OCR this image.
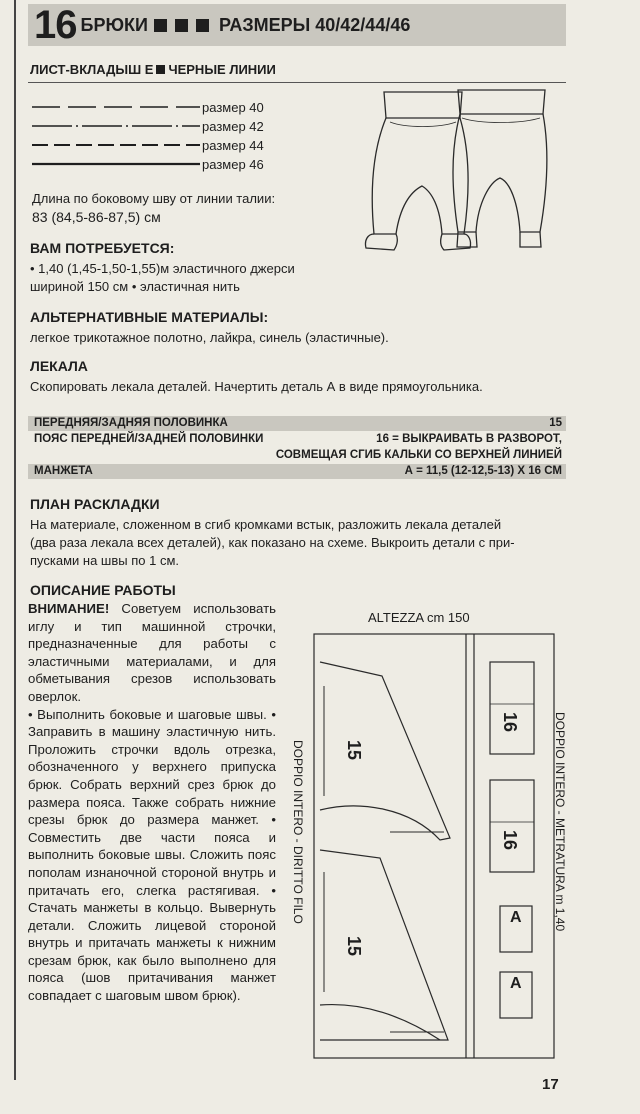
16 БРЮКИ	РАЗМЕРЫ 40/42/44/46
ЛИСТ-ВКЛАДЫШ Е ЧЕРНЫЕ ЛИНИИ
размер 40
размер 42
размер 44
размер 46
Длина по боковому шву от линии талии:
83 (84,5-86-87,5) см
ВАМ ПОТРЕБУЕТСЯ:
• 1,40 (1,45-1,50-1,55)м эластичного джерси
шириной 150 см • эластичная нить
АЛЬТЕРНАТИВНЫЕ МАТЕРИАЛЫ:
легкое трикотажное полотно, лайкра, синель (эластичные).
ЛЕКАЛА
Скопировать лекала деталей. Начертить деталь А в виде прямоугольника.
ПЕРЕДНЯЯ/ЗАДНЯЯ ПОЛОВИНКА	15
ПОЯС ПЕРЕДНЕЙ/ЗАДНЕЙ ПОЛОВИНКИ	16 = ВЫКРАИВАТЬ В РАЗВОРОТ,
СОВМЕЩАЯ СГИБ КАЛЬКИ СО ВЕРХНЕЙ ЛИНИЕЙ
МАНЖЕТА	А = 11,5 (12-12,5-13) Х 16 СМ
ПЛАН РАСКЛАДКИ
На материале, сложенном в сгиб кромками встык, разложить лекала деталей
(два раза лекала всех деталей), как показано на схеме. Выкроить детали с при-
пусками на швы по 1 см.
ОПИСАНИЕ РАБОТЫ

ВНИМАНИЕ! Советуем использовать иглу и тип машинной строчки, предназначенные для работы с эластичными материалами, и для обметывания срезов использовать оверлок.

• Выполнить боковые и шаговые швы. • Заправить в машину эластичную нить. Проложить строчки вдоль отрезка, обозначенного у верхнего припуска брюк. Собрать верхний срез брюк до размера пояса. Также собрать нижние срезы брюк до размера манжет. • Совместить две части пояса и выполнить боковые швы. Сложить пояс пополам изнаночной стороной внутрь и притачать его, слегка растягивая. • Стачать манжеты в кольцо. Вывернуть детали. Сложить лицевой стороной внутрь и притачать манжеты к нижним срезам брюк, как было выполнено для пояса (шов притачивания манжет совпадает с шаговым швом брюк).

ALTEZZA cm 150
15
15
16
16
A
A
DOPPIO INTERO - DIRITTO FILO	DOPPIO INTERO - METRATURA m 1,40
17
